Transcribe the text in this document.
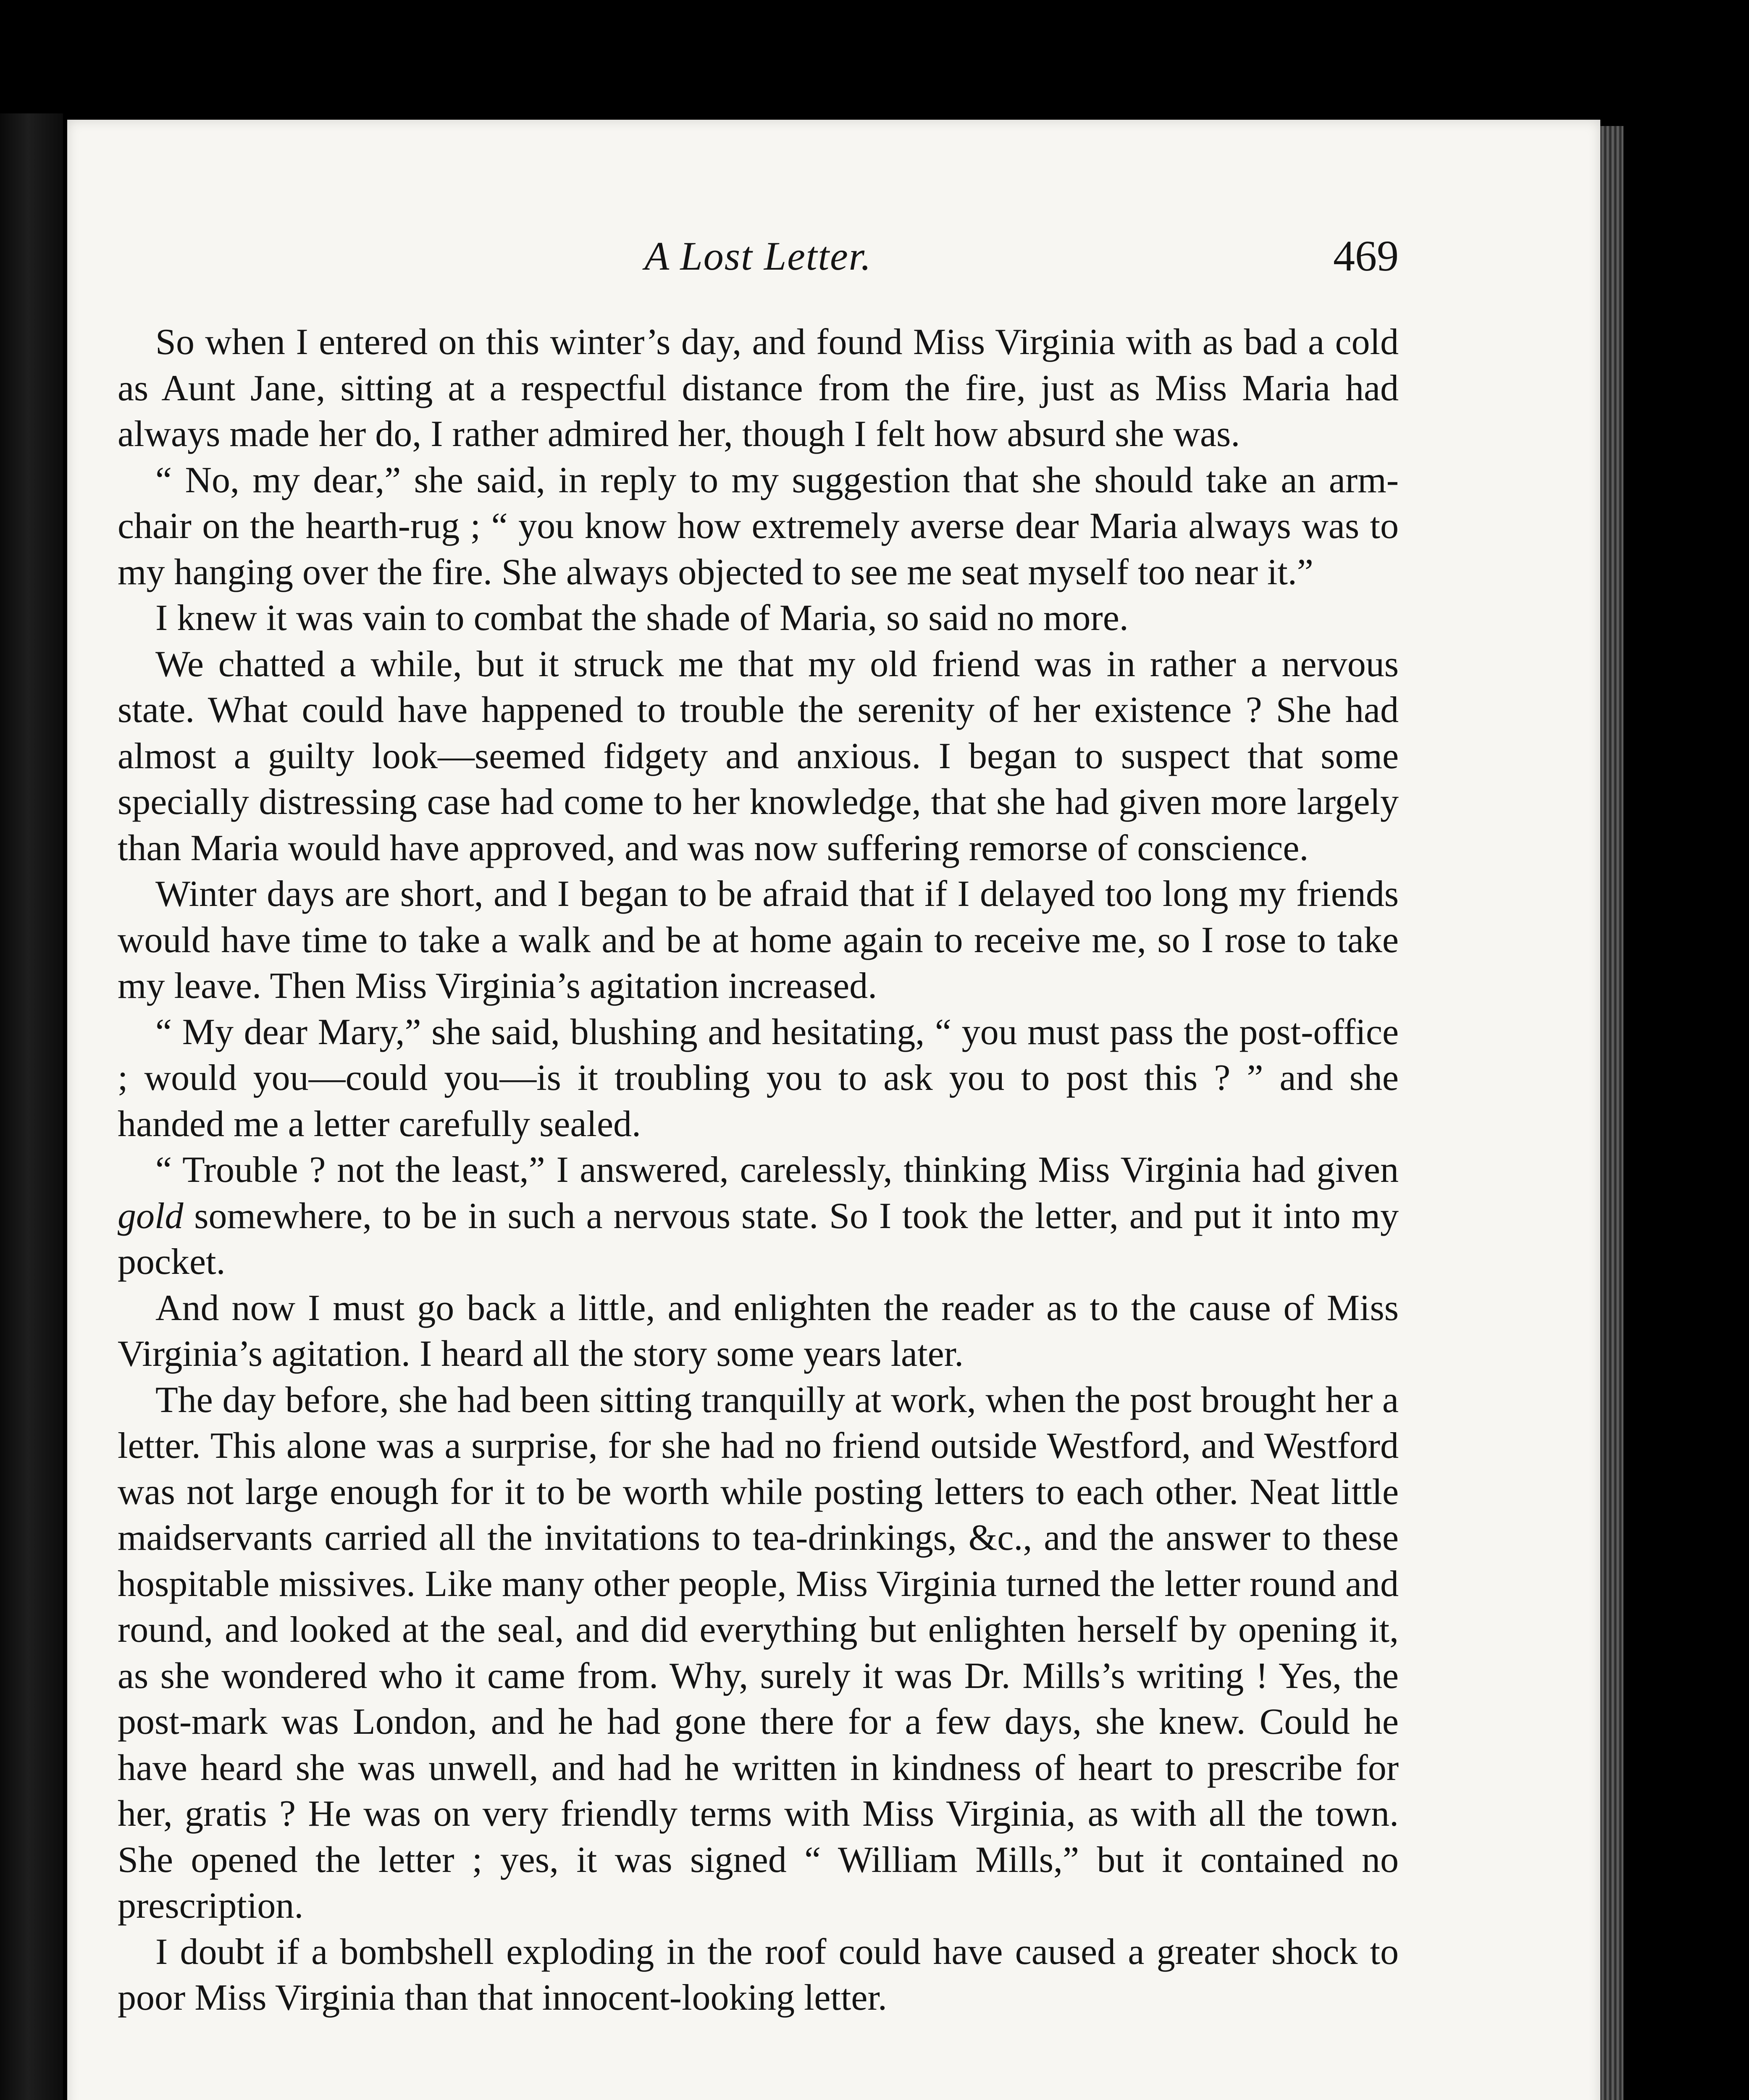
A Lost Letter.	469

So when I entered on this winter’s day, and found Miss Virginia with as bad a cold as Aunt Jane, sitting at a respectful distance from the fire, just as Miss Maria had always made her do, I rather admired her, though I felt how absurd she was.

“ No, my dear,” she said, in reply to my suggestion that she should take an arm-chair on the hearth-rug ; “ you know how extremely averse dear Maria always was to my hanging over the fire. She always objected to see me seat myself too near it.”

I knew it was vain to combat the shade of Maria, so said no more.

We chatted a while, but it struck me that my old friend was in rather a nervous state. What could have happened to trouble the serenity of her existence ? She had almost a guilty look—seemed fidgety and anxious. I began to suspect that some specially distressing case had come to her knowledge, that she had given more largely than Maria would have approved, and was now suffering remorse of conscience.

Winter days are short, and I began to be afraid that if I delayed too long my friends would have time to take a walk and be at home again to receive me, so I rose to take my leave. Then Miss Virginia’s agitation increased.

“ My dear Mary,” she said, blushing and hesitating, “ you must pass the post-office ; would you—could you—is it troubling you to ask you to post this ? ” and she handed me a letter carefully sealed.

“ Trouble ? not the least,” I answered, carelessly, thinking Miss Virginia had given gold somewhere, to be in such a nervous state. So I took the letter, and put it into my pocket.

And now I must go back a little, and enlighten the reader as to the cause of Miss Virginia’s agitation. I heard all the story some years later.

The day before, she had been sitting tranquilly at work, when the post brought her a letter. This alone was a surprise, for she had no friend outside Westford, and Westford was not large enough for it to be worth while posting letters to each other. Neat little maidservants carried all the invitations to tea-drinkings, &c., and the answer to these hospitable missives. Like many other people, Miss Virginia turned the letter round and round, and looked at the seal, and did everything but enlighten herself by opening it, as she wondered who it came from. Why, surely it was Dr. Mills’s writing ! Yes, the post-mark was London, and he had gone there for a few days, she knew. Could he have heard she was unwell, and had he written in kindness of heart to prescribe for her, gratis ? He was on very friendly terms with Miss Virginia, as with all the town. She opened the letter ; yes, it was signed “ William Mills,” but it contained no prescription.

I doubt if a bombshell exploding in the roof could have caused a greater shock to poor Miss Virginia than that innocent-looking letter.
